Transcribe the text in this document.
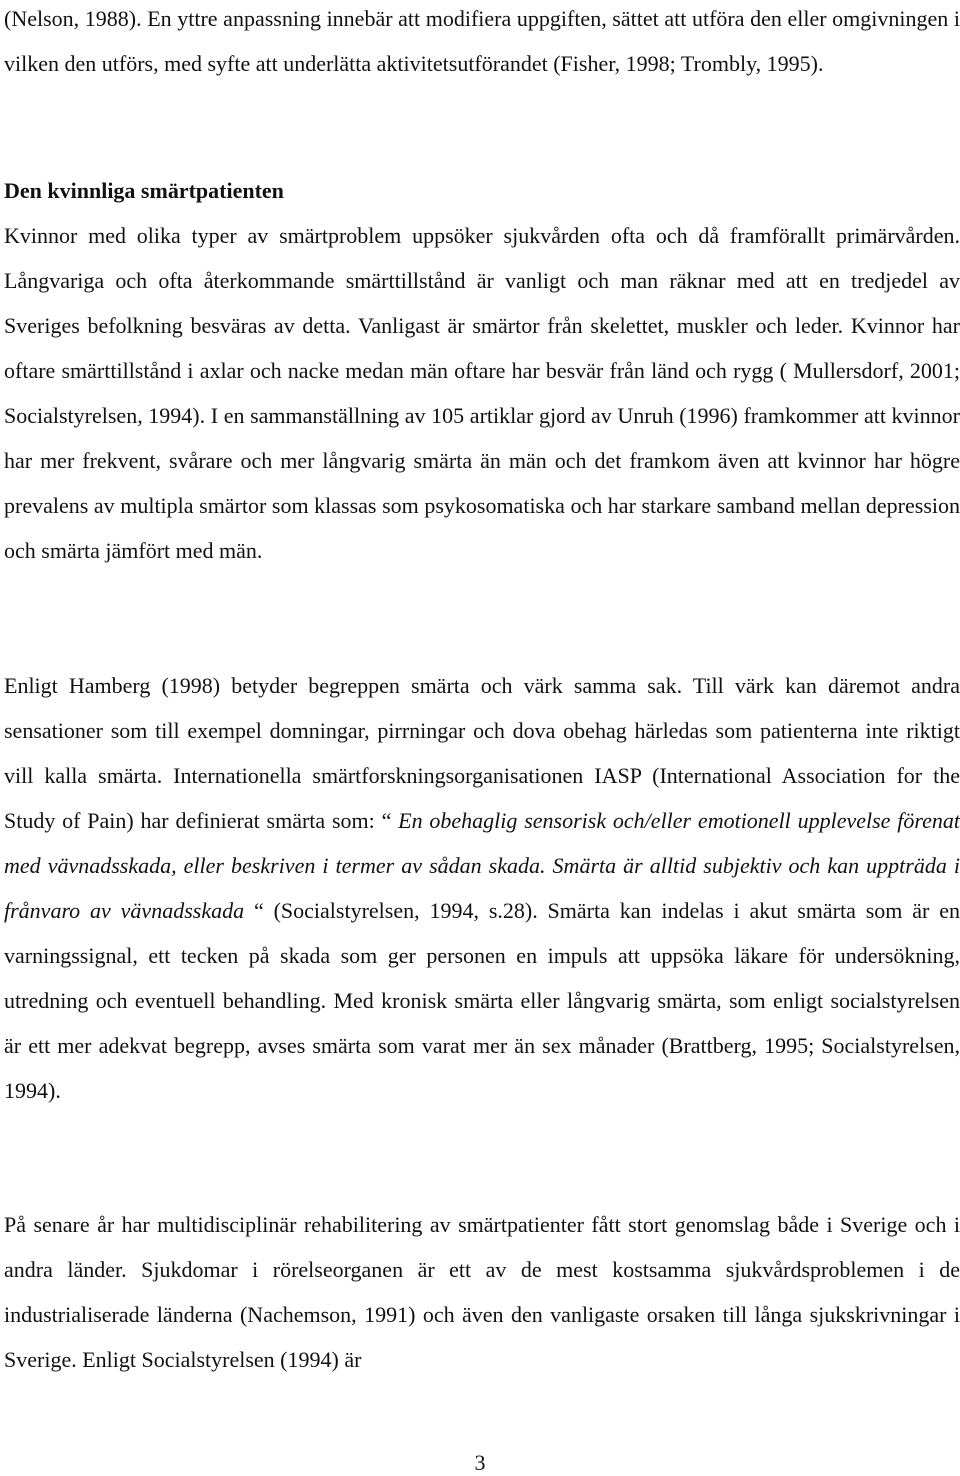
(Nelson, 1988). En yttre anpassning innebär att modifiera uppgiften, sättet att utföra den eller omgivningen i vilken den utförs, med syfte att underlätta aktivitetsutförandet (Fisher, 1998; Trombly, 1995).

Den kvinnliga smärtpatienten

Kvinnor med olika typer av smärtproblem uppsöker sjukvården ofta och då framförallt primärvården. Långvariga och ofta återkommande smärttillstånd är vanligt och man räknar med att en tredjedel av Sveriges befolkning besväras av detta. Vanligast är smärtor från skelettet, muskler och leder. Kvinnor har oftare smärttillstånd i axlar och nacke medan män oftare har besvär från länd och rygg ( Mullersdorf, 2001; Socialstyrelsen, 1994). I en sammanställning av 105 artiklar gjord av Unruh (1996) framkommer att kvinnor har mer frekvent, svårare och mer långvarig smärta än män och det framkom även att kvinnor har högre prevalens av multipla smärtor som klassas som psykosomatiska och har starkare samband mellan depression och smärta jämfört med män.

Enligt Hamberg (1998) betyder begreppen smärta och värk samma sak. Till värk kan däremot andra sensationer som till exempel domningar, pirrningar och dova obehag härledas som patienterna inte riktigt vill kalla smärta. Internationella smärtforskningsorganisationen IASP (International Association for the Study of Pain) har definierat smärta som: “ En obehaglig sensorisk och/eller emotionell upplevelse förenat med vävnadsskada, eller beskriven i termer av sådan skada. Smärta är alltid subjektiv och kan uppträda i frånvaro av vävnadsskada “ (Socialstyrelsen, 1994, s.28). Smärta kan indelas i akut smärta som är en varningssignal, ett tecken på skada som ger personen en impuls att uppsöka läkare för undersökning, utredning och eventuell behandling. Med kronisk smärta eller långvarig smärta, som enligt socialstyrelsen är ett mer adekvat begrepp, avses smärta som varat mer än sex månader (Brattberg, 1995; Socialstyrelsen, 1994).

På senare år har multidisciplinär rehabilitering av smärtpatienter fått stort genomslag både i Sverige och i andra länder. Sjukdomar i rörelseorganen är ett av de mest kostsamma sjukvårdsproblemen i de industrialiserade länderna (Nachemson, 1991) och även den vanligaste orsaken till långa sjukskrivningar i Sverige. Enligt Socialstyrelsen (1994) är

3
